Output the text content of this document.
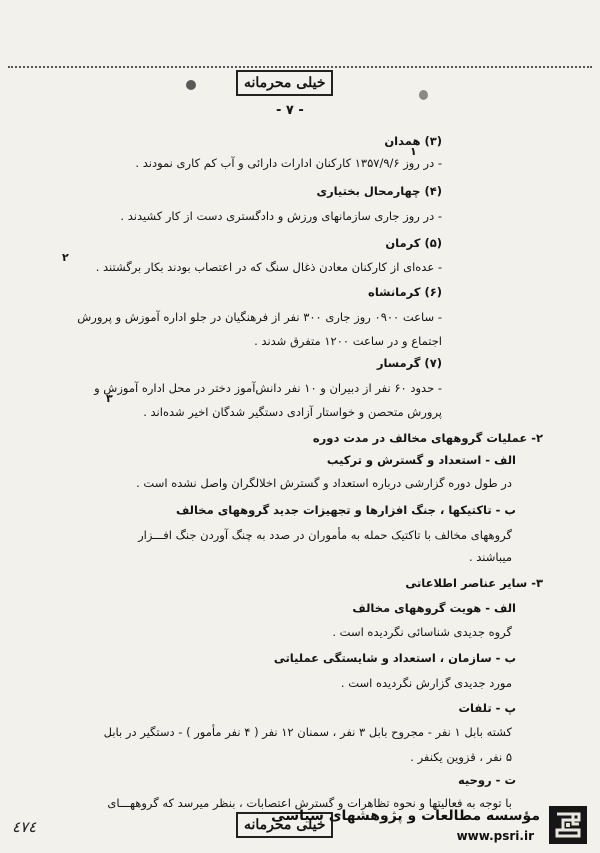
خیلی محرمانه
- ۷ -
(۳) همدان
۱
- در روز ۱۳۵۷/۹/۶ کارکنان ادارات دارائی و آب کم کاری نمودند .
(۴) چهارمحال بختیاری
- در روز جاری سازمانهای ورزش و دادگستری دست از کار کشیدند .
(۵) کرمان
۲
- عده‌ای از کارکنان معادن ذغال سنگ که در اعتصاب بودند بکار برگشتند .
(۶) کرمانشاه
- ساعت ۰۹۰۰ روز جاری ۳۰۰ نفر از فرهنگیان در جلو اداره آموزش و پرورش
اجتماع و در ساعت ۱۲۰۰ متفرق شدند .
(۷) گرمسار
- حدود ۶۰ نفر از دبیران و ۱۰ نفر دانش‌آموز دختر در محل اداره آموزش و
۳
پرورش متحصن و خواستار آزادی دستگیر شدگان اخیر شده‌اند .
۲- عملیات گروههای مخالف در مدت دوره
الف - استعداد و گسترش و ترکیب
در طول دوره گزارشی درباره استعداد و گسترش اخلالگران واصل نشده است .
ب - تاکتیکها ، جنگ افزارها و تجهیزات جدید گروههای مخالف
گروههای مخالف با تاکتیک حمله به مأموران در صدد به چنگ آوردن جنگ افـــزار
میباشند .
۳- سایر عناصر اطلاعاتی
الف - هویت گروههای مخالف
گروه جدیدی شناسائی نگردیده است .
ب - سازمان ، استعداد و شایستگی عملیاتی
مورد جدیدی گزارش نگردیده است .
پ - تلفات
کشته بابل ۱ نفر - مجروح بابل ۳ نفر ، سمنان ۱۲ نفر ( ۴ نفر مأمور ) - دستگیر در بابل
۵ نفر ، قزوین یکنفر .
ت - روحیه
با توجه به فعالیتها و نحوه تظاهرات و گسترش اعتصابات ، بنظر میرسد که گروههـــای
خیلی محرمانه
٤٧٤
مؤسسه مطالعات و پژوهشهای سیاسی
www.psri.ir
